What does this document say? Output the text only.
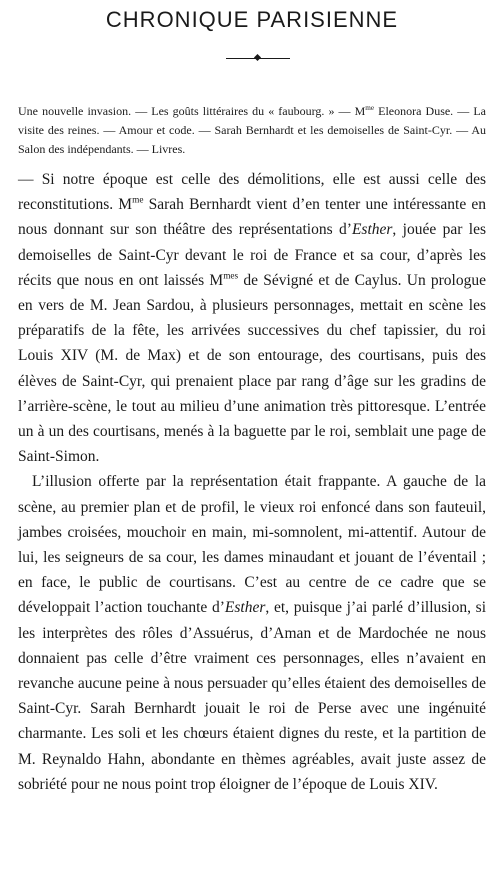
CHRONIQUE PARISIENNE
Une nouvelle invasion. — Les goûts littéraires du « faubourg. » — $M^{me}$ Eleonora Duse. — La visite des reines. — Amour et code. — Sarah Bernhardt et les demoiselles de Saint-Cyr. — Au Salon des indépendants. — Livres.

— Si notre époque est celle des démolitions, elle est aussi celle des reconstitutions. $M^{me}$ Sarah Bernhardt vient d’en tenter une intéressante en nous donnant sur son théâtre des représentations d’Esther, jouée par les demoiselles de Saint-Cyr devant le roi de France et sa cour, d’après les récits que nous en ont laissés $M^{mes}$ de Sévigné et de Caylus. Un prologue en vers de M. Jean Sardou, à plusieurs personnages, mettait en scène les préparatifs de la fête, les arrivées successives du chef tapissier, du roi Louis XIV (M. de Max) et de son entourage, des courtisans, puis des élèves de Saint-Cyr, qui prenaient place par rang d’âge sur les gradins de l’arrière-scène, le tout au milieu d’une animation très pittoresque. L’entrée un à un des courtisans, menés à la baguette par le roi, semblait une page de Saint-Simon.

L’illusion offerte par la représentation était frappante. A gauche de la scène, au premier plan et de profil, le vieux roi enfoncé dans son fauteuil, jambes croisées, mouchoir en main, mi-somnolent, mi-attentif. Autour de lui, les seigneurs de sa cour, les dames minaudant et jouant de l’éventail ; en face, le public de courtisans. C’est au centre de ce cadre que se développait l’action touchante d’Esther, et, puisque j’ai parlé d’illusion, si les interprètes des rôles d’Assuérus, d’Aman et de Mardochée ne nous donnaient pas celle d’être vraiment ces personnages, elles n’avaient en revanche aucune peine à nous persuader qu’elles étaient des demoiselles de Saint-Cyr. Sarah Bernhardt jouait le roi de Perse avec une ingénuité charmante. Les soli et les chœurs étaient dignes du reste, et la partition de M. Reynaldo Hahn, abondante en thèmes agréables, avait juste assez de sobriété pour ne nous point trop éloigner de l’époque de Louis XIV.
